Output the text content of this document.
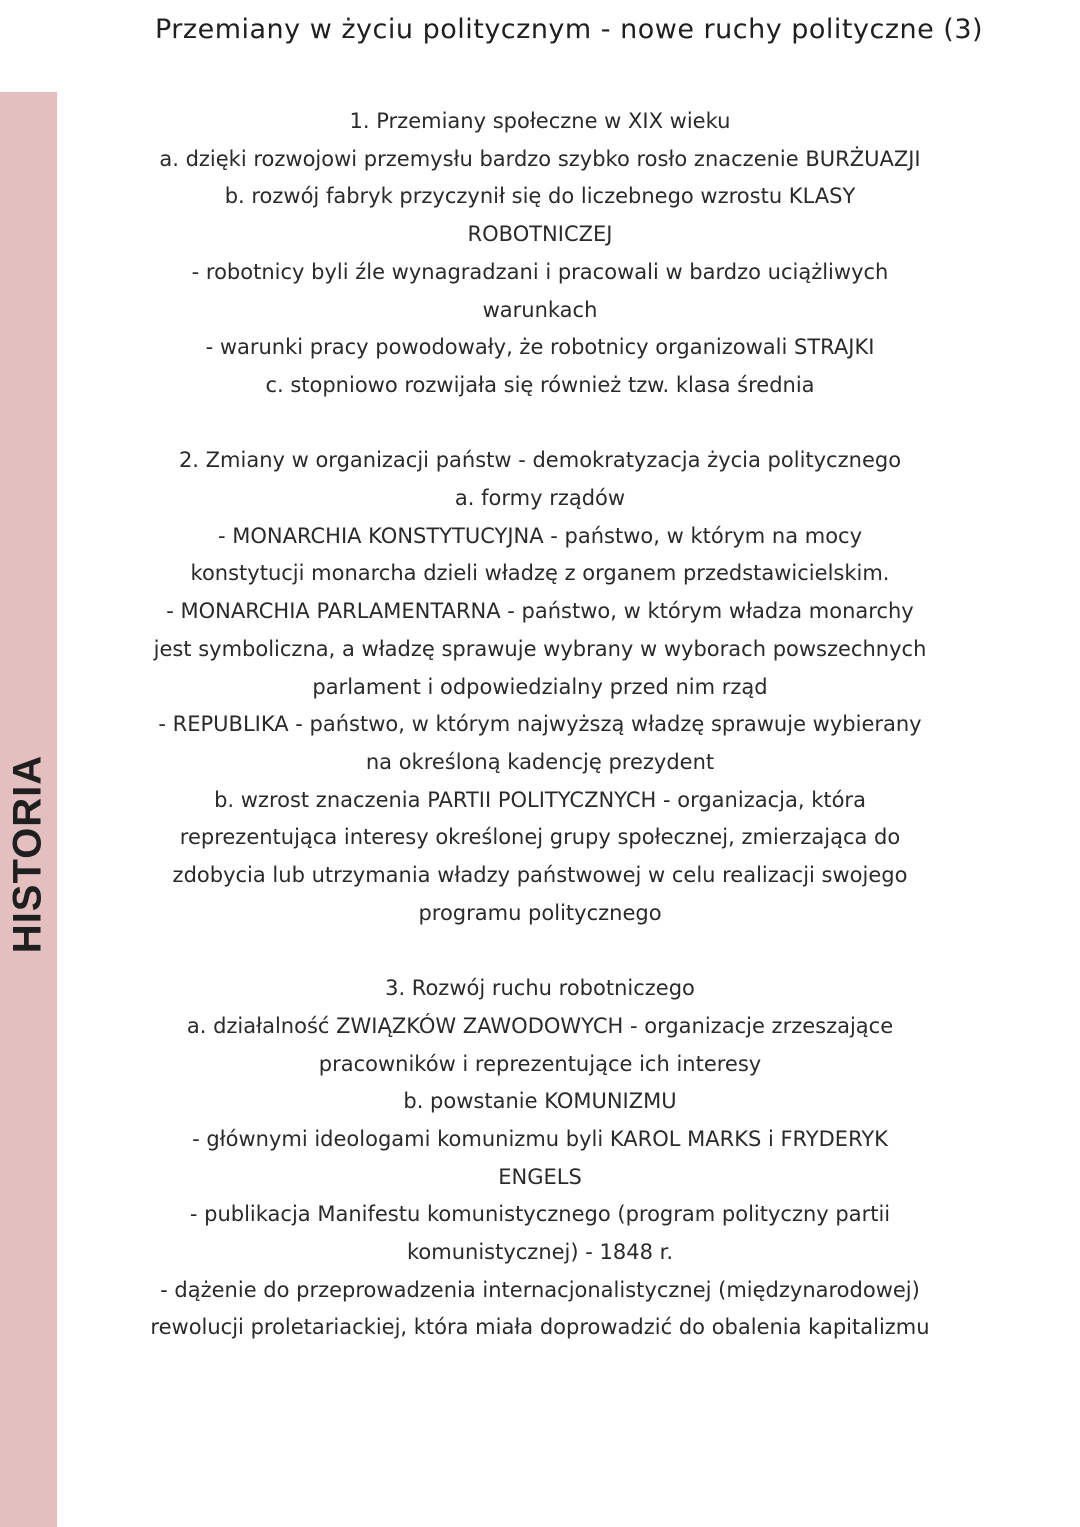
HISTORIA
Przemiany w życiu politycznym - nowe ruchy polityczne (3)
1. Przemiany społeczne w XIX wieku
a. dzięki rozwojowi przemysłu bardzo szybko rosło znaczenie BURŻUAZJI
b. rozwój fabryk przyczynił się do liczebnego wzrostu KLASY
ROBOTNICZEJ
- robotnicy byli źle wynagradzani i pracowali w bardzo uciążliwych
warunkach
- warunki pracy powodowały, że robotnicy organizowali STRAJKI
c. stopniowo rozwijała się również tzw. klasa średnia
2. Zmiany w organizacji państw - demokratyzacja życia politycznego
a. formy rządów
- MONARCHIA KONSTYTUCYJNA - państwo, w którym na mocy
konstytucji monarcha dzieli władzę z organem przedstawicielskim.
- MONARCHIA PARLAMENTARNA - państwo, w którym władza monarchy
jest symboliczna, a władzę sprawuje wybrany w wyborach powszechnych
parlament i odpowiedzialny przed nim rząd
- REPUBLIKA - państwo, w którym najwyższą władzę sprawuje wybierany
na określoną kadencję prezydent
b. wzrost znaczenia PARTII POLITYCZNYCH - organizacja, która
reprezentująca interesy określonej grupy społecznej, zmierzająca do
zdobycia lub utrzymania władzy państwowej w celu realizacji swojego
programu politycznego
3. Rozwój ruchu robotniczego
a. działalność ZWIĄZKÓW ZAWODOWYCH - organizacje zrzeszające
pracowników i reprezentujące ich interesy
b. powstanie KOMUNIZMU
- głównymi ideologami komunizmu byli KAROL MARKS i FRYDERYK
ENGELS
- publikacja Manifestu komunistycznego (program polityczny partii
komunistycznej) - 1848 r.
- dążenie do przeprowadzenia internacjonalistycznej (międzynarodowej)
rewolucji proletariackiej, która miała doprowadzić do obalenia kapitalizmu
